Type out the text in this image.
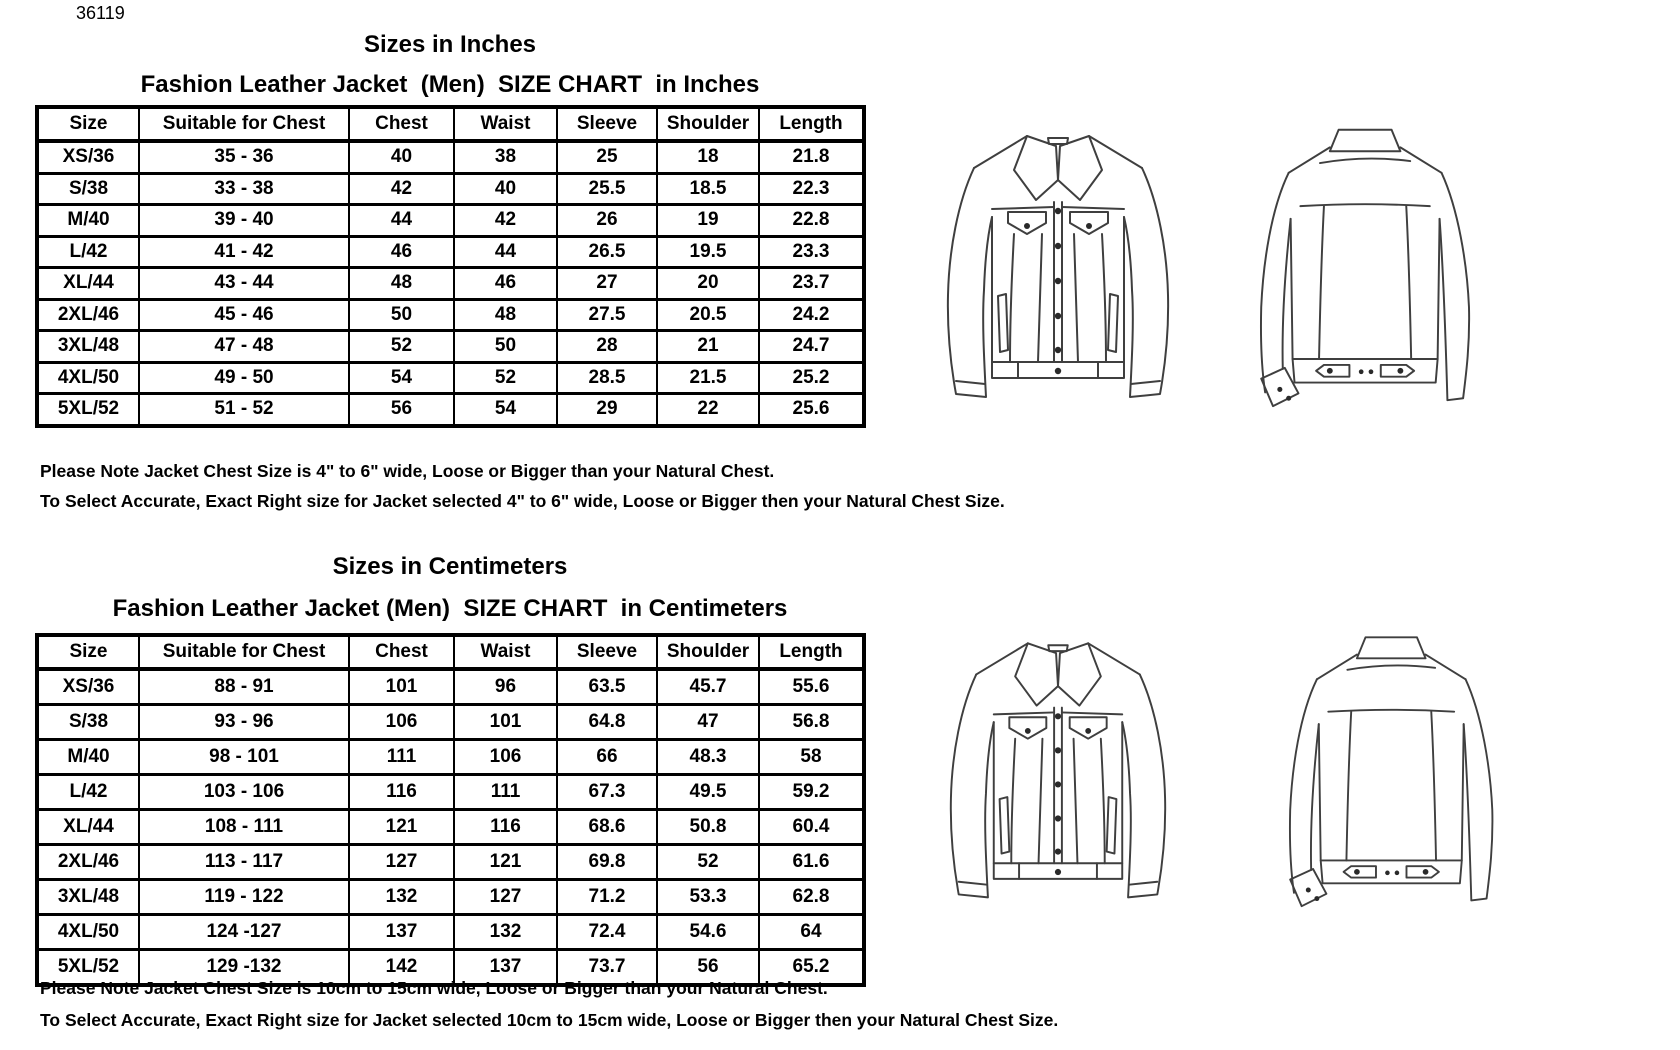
36119
Sizes in Inches
Fashion Leather Jacket  (Men)  SIZE CHART  in Inches
Size	Suitable for Chest	Chest	Waist	Sleeve	Shoulder	Length
XS/36	35 - 36	40	38	25	18	21.8
S/38	33 - 38	42	40	25.5	18.5	22.3
M/40	39 - 40	44	42	26	19	22.8
L/42	41 - 42	46	44	26.5	19.5	23.3
XL/44	43 - 44	48	46	27	20	23.7
2XL/46	45 - 46	50	48	27.5	20.5	24.2
3XL/48	47 - 48	52	50	28	21	24.7
4XL/50	49 - 50	54	52	28.5	21.5	25.2
5XL/52	51 - 52	56	54	29	22	25.6
Please Note Jacket Chest Size is 4" to 6" wide, Loose or Bigger than your Natural Chest.
To Select Accurate, Exact Right size for Jacket selected 4" to 6" wide, Loose or Bigger then your Natural Chest Size.
Sizes in Centimeters
Fashion Leather Jacket (Men)  SIZE CHART  in Centimeters
Size	Suitable for Chest	Chest	Waist	Sleeve	Shoulder	Length
XS/36	88 - 91	101	96	63.5	45.7	55.6
S/38	93 - 96	106	101	64.8	47	56.8
M/40	98 - 101	111	106	66	48.3	58
L/42	103 - 106	116	111	67.3	49.5	59.2
XL/44	108 - 111	121	116	68.6	50.8	60.4
2XL/46	113 - 117	127	121	69.8	52	61.6
3XL/48	119 - 122	132	127	71.2	53.3	62.8
4XL/50	124 -127	137	132	72.4	54.6	64
5XL/52	129 -132	142	137	73.7	56	65.2
Please Note Jacket Chest Size is 10cm to 15cm wide, Loose or Bigger than your Natural Chest.
To Select Accurate, Exact Right size for Jacket selected 10cm to 15cm wide, Loose or Bigger then your Natural Chest Size.
